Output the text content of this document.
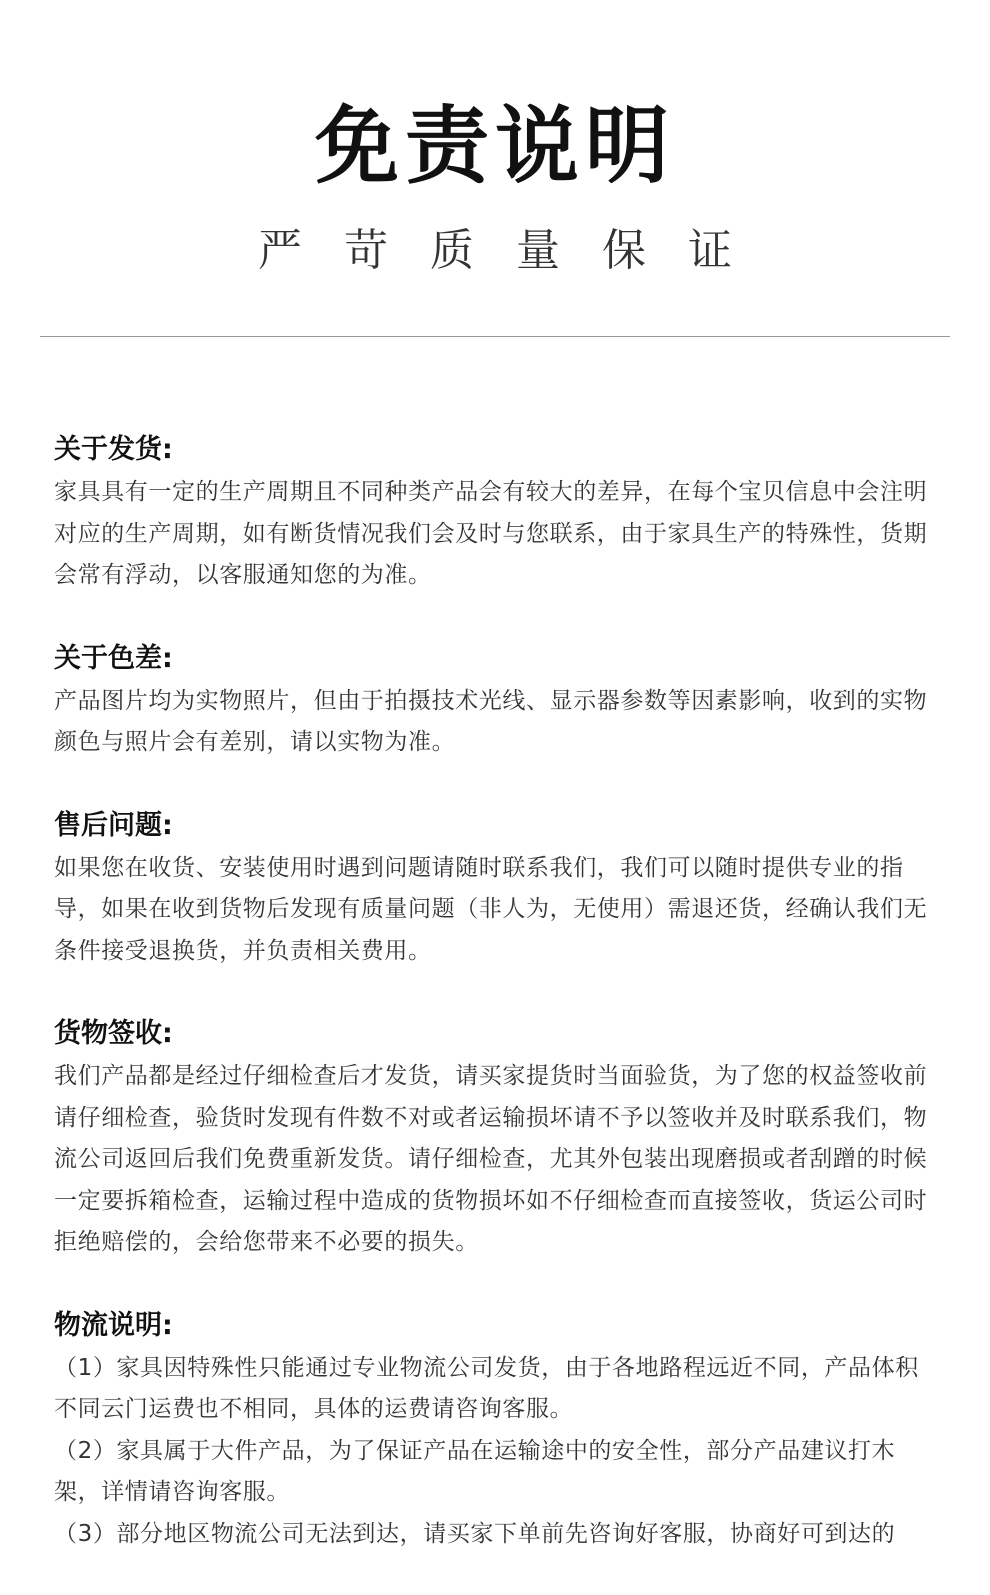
免责说明
严苛质量保证
关于发货:

家具具有一定的生产周期且不同种类产品会有较大的差异，在每个宝贝信息中会注明对应的生产周期，如有断货情况我们会及时与您联系，由于家具生产的特殊性，货期会常有浮动，以客服通知您的为准。

关于色差:

产品图片均为实物照片，但由于拍摄技术光线、显示器参数等因素影响，收到的实物颜色与照片会有差别，请以实物为准。

售后问题:

如果您在收货、安装使用时遇到问题请随时联系我们，我们可以随时提供专业的指导，如果在收到货物后发现有质量问题（非人为，无使用）需退还货，经确认我们无条件接受退换货，并负责相关费用。

货物签收:

我们产品都是经过仔细检查后才发货，请买家提货时当面验货，为了您的权益签收前请仔细检查，验货时发现有件数不对或者运输损坏请不予以签收并及时联系我们，物流公司返回后我们免费重新发货。请仔细检查，尤其外包装出现磨损或者刮蹭的时候一定要拆箱检查，运输过程中造成的货物损坏如不仔细检查而直接签收，货运公司时拒绝赔偿的，会给您带来不必要的损失。

物流说明:

（1）家具因特殊性只能通过专业物流公司发货，由于各地路程远近不同，产品体积不同云门运费也不相同，具体的运费请咨询客服。

（2）家具属于大件产品，为了保证产品在运输途中的安全性，部分产品建议打木架，详情请咨询客服。

（3）部分地区物流公司无法到达，请买家下单前先咨询好客服，协商好可到达的
